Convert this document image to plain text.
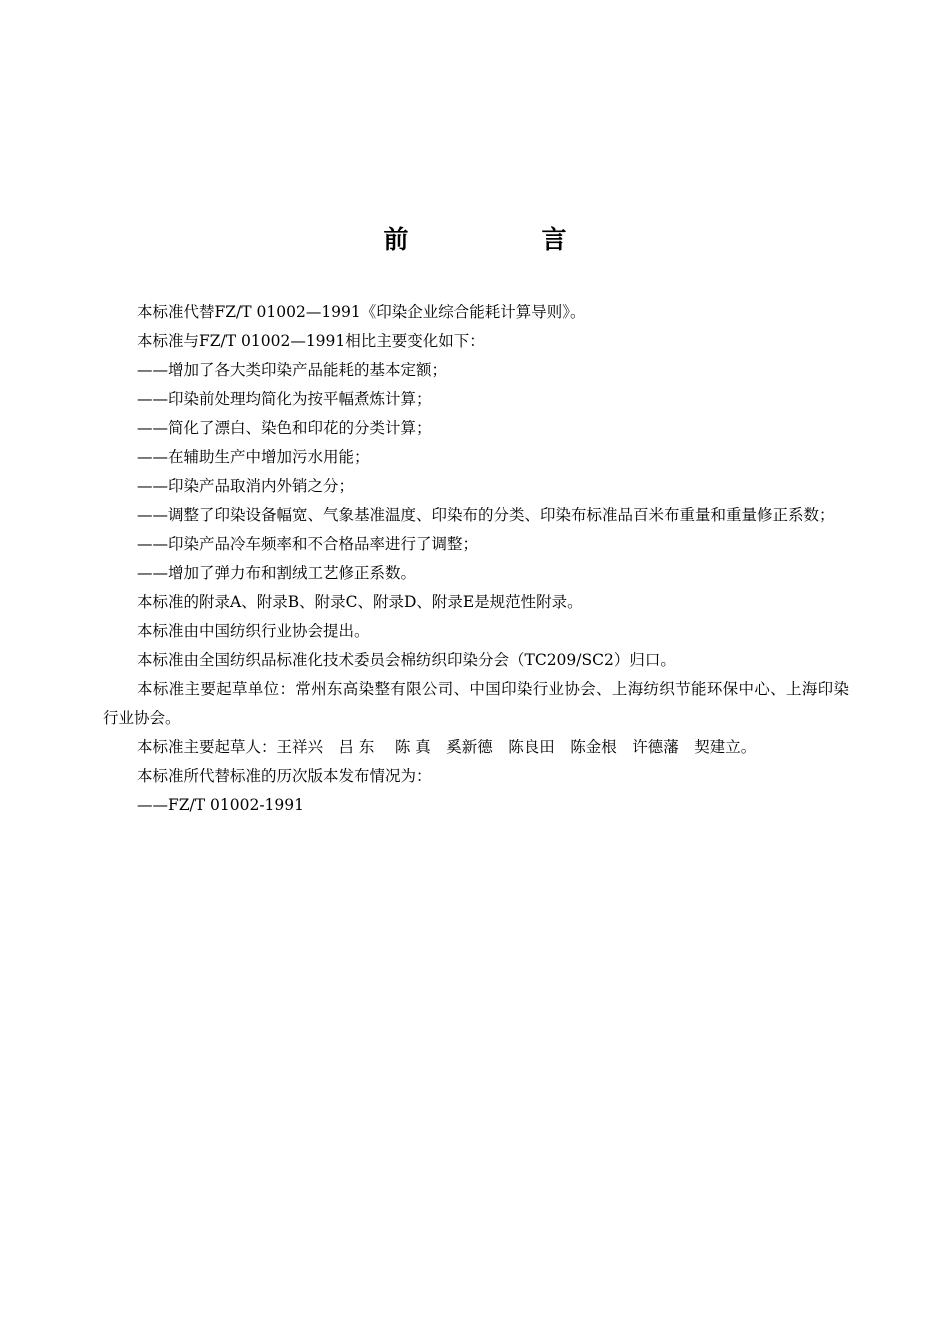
前　言

本标准代替FZ/T 01002—1991《印染企业综合能耗计算导则》。

本标准与FZ/T 01002—1991相比主要变化如下：

——增加了各大类印染产品能耗的基本定额；

——印染前处理均简化为按平幅煮炼计算；

——简化了漂白、染色和印花的分类计算；

——在辅助生产中增加污水用能；

——印染产品取消内外销之分；

——调整了印染设备幅宽、气象基准温度、印染布的分类、印染布标准品百米布重量和重量修正系数；

——印染产品冷车频率和不合格品率进行了调整；

——增加了弹力布和割绒工艺修正系数。

本标准的附录A、附录B、附录C、附录D、附录E是规范性附录。

本标准由中国纺织行业协会提出。

本标准由全国纺织品标准化技术委员会棉纺织印染分会（TC209/SC2）归口。

本标准主要起草单位：常州东高染整有限公司、中国印染行业协会、上海纺织节能环保中心、上海印染行业协会。

本标准主要起草人：王祥兴　吕 东　 陈 真　奚新德　陈良田　陈金根　许德藩　契建立。

本标准所代替标准的历次版本发布情况为：

——FZ/T 01002-1991
